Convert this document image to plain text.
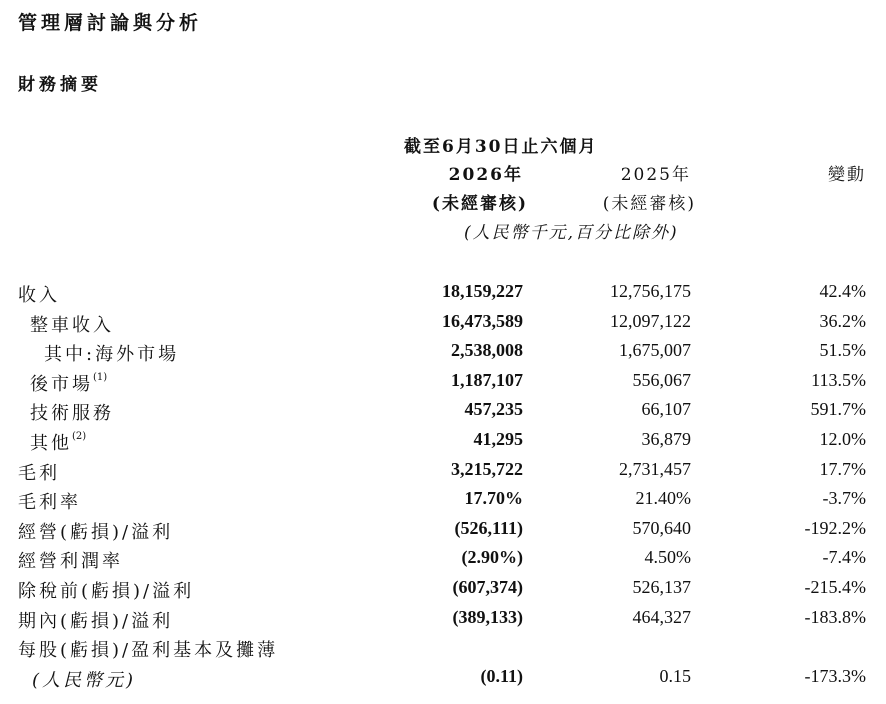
管理層討論與分析
財務摘要
截至6月30日止六個月
2026年	2025年	變動
(未經審核)	(未經審核)
(人民幣千元,百分比除外)
收入	18,159,227	12,756,175	42.4%
整車收入	16,473,589	12,097,122	36.2%
其中:海外市場	2,538,008	1,675,007	51.5%
後市場$^{(1)}$	1,187,107	556,067	113.5%
技術服務	457,235	66,107	591.7%
其他$^{(2)}$	41,295	36,879	12.0%
毛利	3,215,722	2,731,457	17.7%
毛利率	17.70%	21.40%	-3.7%
經營(虧損)/溢利	(526,111)	570,640	-192.2%
經營利潤率	(2.90%)	4.50%	-7.4%
除稅前(虧損)/溢利	(607,374)	526,137	-215.4%
期內(虧損)/溢利	(389,133)	464,327	-183.8%
每股(虧損)/盈利基本及攤薄
(人民幣元)	(0.11)	0.15	-173.3%
